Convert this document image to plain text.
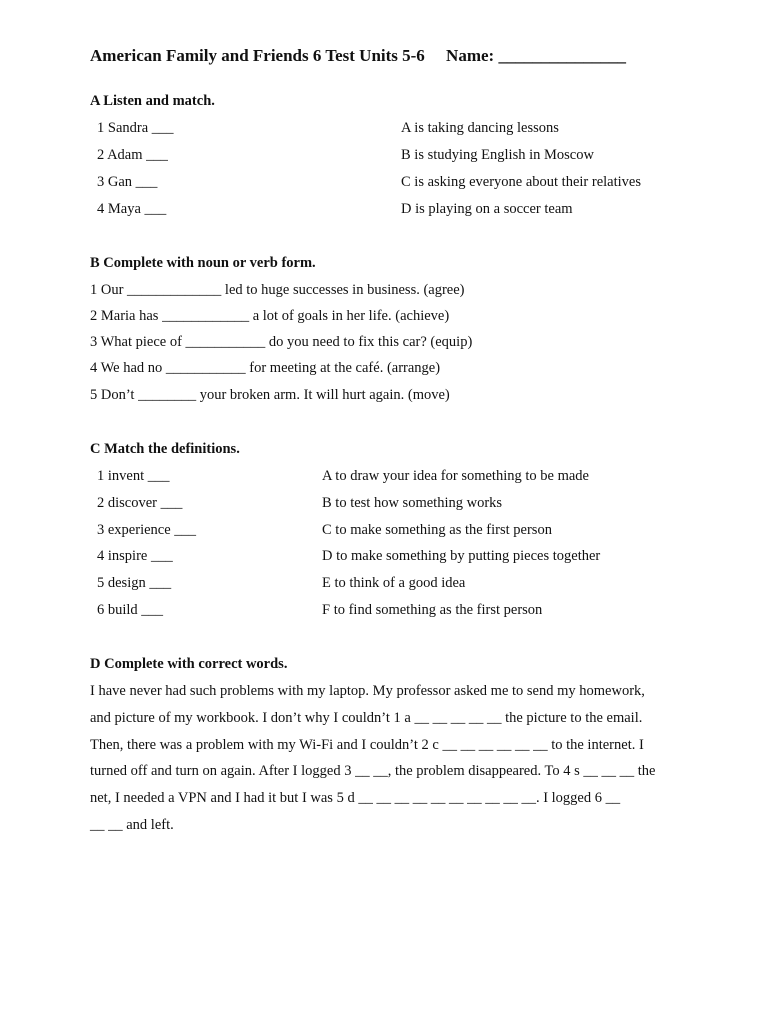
American Family and Friends 6 Test Units 5-6     Name: _______________
A Listen and match.
1 Sandra ___
2 Adam ___
3 Gan ___
4 Maya ___
A is taking dancing lessons
B is studying English in Moscow
C is asking everyone about their relatives
D is playing on a soccer team
B Complete with noun or verb form.
1 Our _____________ led to huge successes in business. (agree)
2 Maria has ____________ a lot of goals in her life. (achieve)
3 What piece of ___________ do you need to fix this car? (equip)
4 We had no ___________ for meeting at the café. (arrange)
5 Don’t ________ your broken arm. It will hurt again. (move)
C Match the definitions.
1 invent ___
2 discover ___
3 experience ___
4 inspire ___
5 design ___
6 build ___
A to draw your idea for something to be made
B to test how something works
C to make something as the first person
D to make something by putting pieces together
E to think of a good idea
F to find something as the first person
D Complete with correct words.
I have never had such problems with my laptop. My professor asked me to send my homework,
and picture of my workbook. I don’t why I couldn’t 1 a __ __ __ __ __ the picture to the email.
Then, there was a problem with my Wi-Fi and I couldn’t 2 c __ __ __ __ __ __ to the internet. I
turned off and turn on again. After I logged 3 __ __, the problem disappeared. To 4 s __ __ __ the
net, I needed a VPN and I had it but I was 5 d __ __ __ __ __ __ __ __ __ __. I logged 6 __
__ __ and left.
